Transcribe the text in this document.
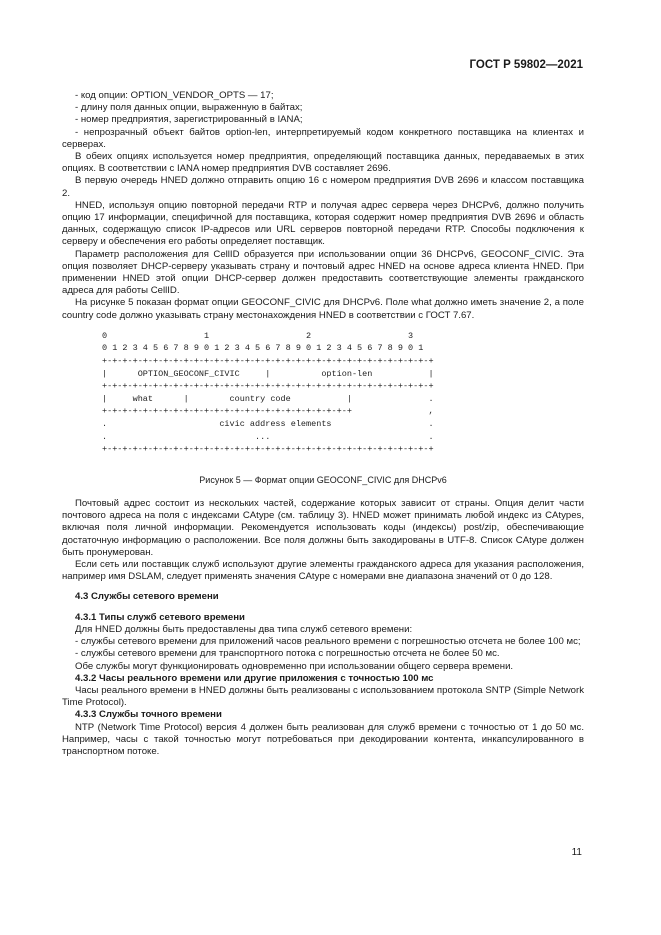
ГОСТ Р 59802—2021

- код опции: OPTION_VENDOR_OPTS — 17;

- длину поля данных опции, выраженную в байтах;

- номер предприятия, зарегистрированный в IANA;

- непрозрачный объект байтов option-len, интерпретируемый кодом конкретного поставщика на клиентах и серверах.

В обеих опциях используется номер предприятия, определяющий поставщика данных, передаваемых в этих опциях. В соответствии с IANA номер предприятия DVB составляет 2696.

В первую очередь HNED должно отправить опцию 16 с номером предприятия DVB 2696 и классом поставщика 2.

HNED, используя опцию повторной передачи RTP и получая адрес сервера через DHCPv6, должно получить опцию 17 информации, специфичной для поставщика, которая содержит номер предприятия DVB 2696 и область данных, содержащую список IP-адресов или URL серверов повторной передачи RTP. Способы подключения к серверу и обеспечения его работы определяет поставщик.

Параметр расположения для CellID образуется при использовании опции 36 DHCPv6, GEOCONF_CIVIC. Эта опция позволяет DHCP-серверу указывать страну и почтовый адрес HNED на основе адреса клиента HNED. При применении HNED этой опции DHCP-сервер должен предоставить соответствующие элементы гражданского адреса для работы CellID.

На рисунке 5 показан формат опции GEOCONF_CIVIC для DHCPv6. Поле what должно иметь значение 2, а поле country code должно указывать страну местонахождения HNED в соответствии с ГОСТ 7.67.

0                   1                   2                   3
0 1 2 3 4 5 6 7 8 9 0 1 2 3 4 5 6 7 8 9 0 1 2 3 4 5 6 7 8 9 0 1
+-+-+-+-+-+-+-+-+-+-+-+-+-+-+-+-+-+-+-+-+-+-+-+-+-+-+-+-+-+-+-+-+
|      OPTION_GEOCONF_CIVIC     |          option-len           |
+-+-+-+-+-+-+-+-+-+-+-+-+-+-+-+-+-+-+-+-+-+-+-+-+-+-+-+-+-+-+-+-+
|     what      |        country code           |               .
+-+-+-+-+-+-+-+-+-+-+-+-+-+-+-+-+-+-+-+-+-+-+-+-+               ,
.                      civic address elements                   .
.                             ...                               .
+-+-+-+-+-+-+-+-+-+-+-+-+-+-+-+-+-+-+-+-+-+-+-+-+-+-+-+-+-+-+-+-+
Рисунок 5 — Формат опции GEOCONF_CIVIC для DHCPv6

Почтовый адрес состоит из нескольких частей, содержание которых зависит от страны. Опция делит части почтового адреса на поля с индексами CAtype (см. таблицу 3). HNED может принимать любой индекс из CAtypes, включая поля личной информации. Рекомендуется использовать коды (индексы) post/zip, обеспечивающие достаточную информацию о расположении. Все поля должны быть закодированы в UTF-8. Список CAtype должен быть пронумерован.

Если сеть или поставщик служб используют другие элементы гражданского адреса для указания расположения, например имя DSLAM, следует применять значения CAtype с номерами вне диапазона значений от 0 до 128.

4.3 Службы сетевого времени

4.3.1 Типы служб сетевого времени

Для HNED должны быть предоставлены два типа служб сетевого времени:

- службы сетевого времени для приложений часов реального времени с погрешностью отсчета не более 100 мс;

- службы сетевого времени для транспортного потока с погрешностью отсчета не более 50 мс.

Обе службы могут функционировать одновременно при использовании общего сервера времени.

4.3.2 Часы реального времени или другие приложения с точностью 100 мс

Часы реального времени в HNED должны быть реализованы с использованием протокола SNTP (Simple Network Time Protocol).

4.3.3 Службы точного времени

NTP (Network Time Protocol) версия 4 должен быть реализован для служб времени с точностью от 1 до 50 мс. Например, часы с такой точностью могут потребоваться при декодировании контента, инкапсулированного в транспортном потоке.

11
